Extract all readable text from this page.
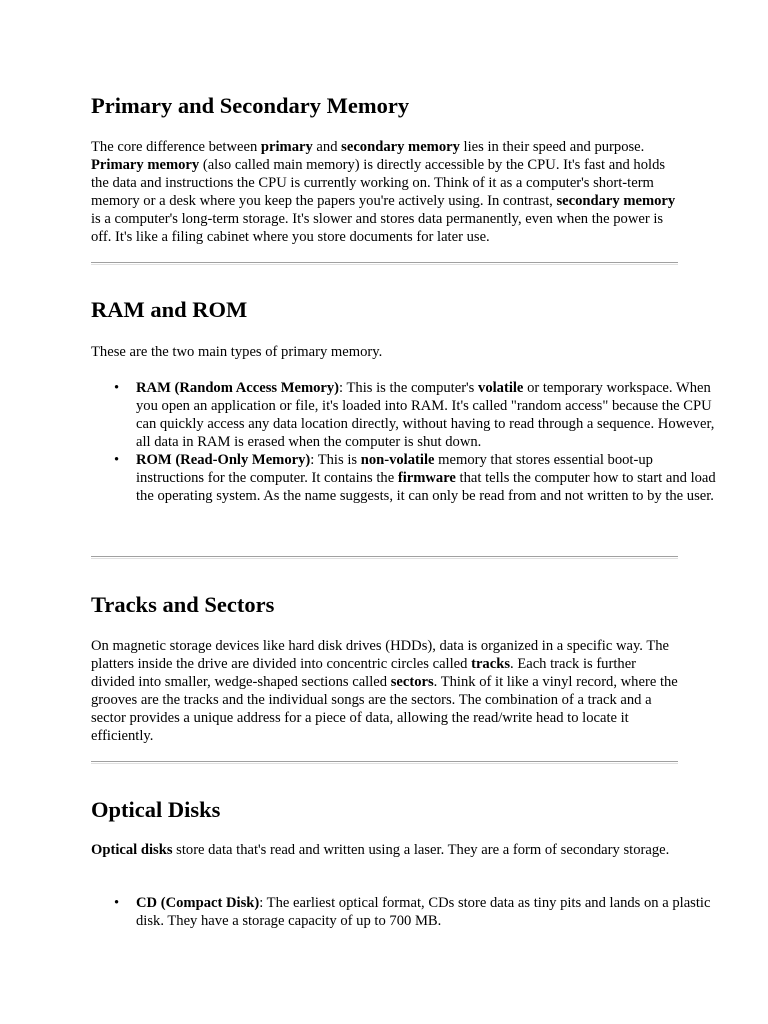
Primary and Secondary Memory

The core difference between primary and secondary memory lies in their speed and purpose. Primary memory (also called main memory) is directly accessible by the CPU. It's fast and holds the data and instructions the CPU is currently working on. Think of it as a computer's short-term memory or a desk where you keep the papers you're actively using. In contrast, secondary memory is a computer's long-term storage. It's slower and stores data permanently, even when the power is off. It's like a filing cabinet where you store documents for later use.

RAM and ROM

These are the two main types of primary memory.

• RAM (Random Access Memory): This is the computer's volatile or temporary workspace. When you open an application or file, it's loaded into RAM. It's called "random access" because the CPU can quickly access any data location directly, without having to read through a sequence. However, all data in RAM is erased when the computer is shut down.
• ROM (Read-Only Memory): This is non-volatile memory that stores essential boot-up instructions for the computer. It contains the firmware that tells the computer how to start and load the operating system. As the name suggests, it can only be read from and not written to by the user.
Tracks and Sectors

On magnetic storage devices like hard disk drives (HDDs), data is organized in a specific way. The platters inside the drive are divided into concentric circles called tracks. Each track is further divided into smaller, wedge-shaped sections called sectors. Think of it like a vinyl record, where the grooves are the tracks and the individual songs are the sectors. The combination of a track and a sector provides a unique address for a piece of data, allowing the read/write head to locate it efficiently.

Optical Disks

Optical disks store data that's read and written using a laser. They are a form of secondary storage.

• CD (Compact Disk): The earliest optical format, CDs store data as tiny pits and lands on a plastic disk. They have a storage capacity of up to 700 MB.
